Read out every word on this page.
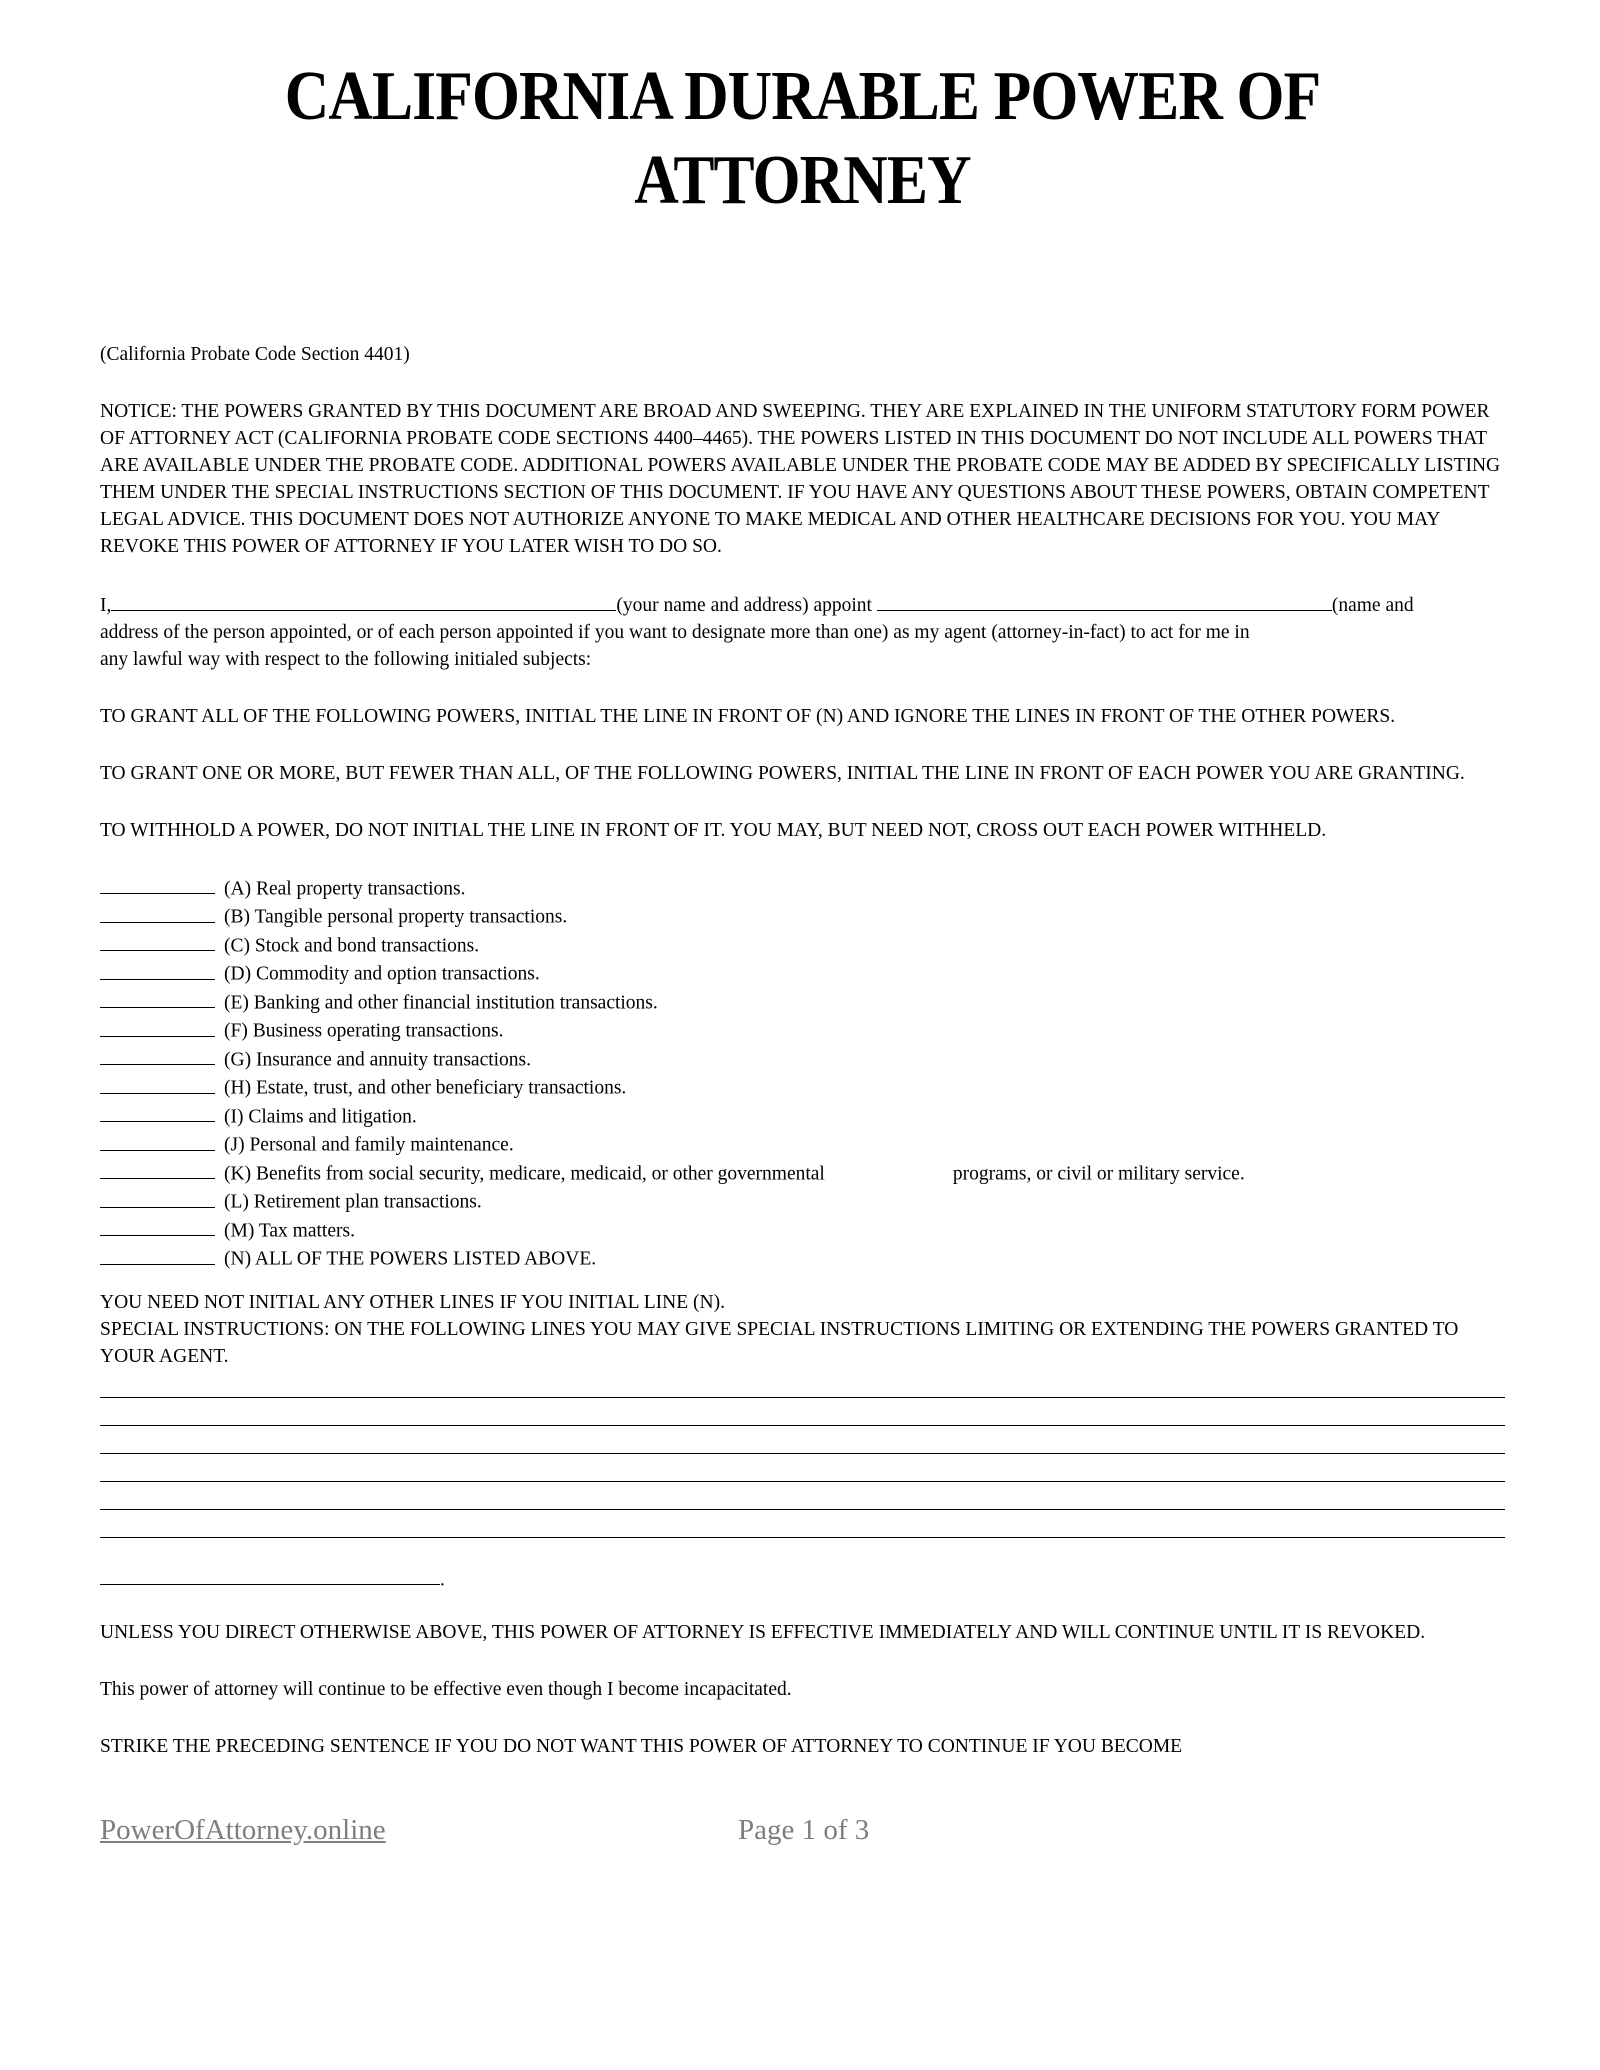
CALIFORNIA DURABLE POWER OF
ATTORNEY

(California Probate Code Section 4401)

NOTICE: THE POWERS GRANTED BY THIS DOCUMENT ARE BROAD AND SWEEPING. THEY ARE EXPLAINED IN THE UNIFORM STATUTORY FORM POWER OF ATTORNEY ACT (CALIFORNIA PROBATE CODE SECTIONS 4400–4465). THE POWERS LISTED IN THIS DOCUMENT DO NOT INCLUDE ALL POWERS THAT ARE AVAILABLE UNDER THE PROBATE CODE. ADDITIONAL POWERS AVAILABLE UNDER THE PROBATE CODE MAY BE ADDED BY SPECIFICALLY LISTING THEM UNDER THE SPECIAL INSTRUCTIONS SECTION OF THIS DOCUMENT. IF YOU HAVE ANY QUESTIONS ABOUT THESE POWERS, OBTAIN COMPETENT LEGAL ADVICE. THIS DOCUMENT DOES NOT AUTHORIZE ANYONE TO MAKE MEDICAL AND OTHER HEALTHCARE DECISIONS FOR YOU. YOU MAY REVOKE THIS POWER OF ATTORNEY IF YOU LATER WISH TO DO SO.

I,	(your name and address) appoint	(name and
address of the person appointed, or of each person appointed if you want to designate more than one) as my agent (attorney-in-fact) to act for me in
any lawful way with respect to the following initialed subjects:

TO GRANT ALL OF THE FOLLOWING POWERS, INITIAL THE LINE IN FRONT OF (N) AND IGNORE THE LINES IN FRONT OF THE OTHER POWERS.

TO GRANT ONE OR MORE, BUT FEWER THAN ALL, OF THE FOLLOWING POWERS, INITIAL THE LINE IN FRONT OF EACH POWER YOU ARE GRANTING.

TO WITHHOLD A POWER, DO NOT INITIAL THE LINE IN FRONT OF IT. YOU MAY, BUT NEED NOT, CROSS OUT EACH POWER WITHHELD.

(A) Real property transactions.
(B) Tangible personal property transactions.
(C) Stock and bond transactions.
(D) Commodity and option transactions.
(E) Banking and other financial institution transactions.
(F) Business operating transactions.
(G) Insurance and annuity transactions.
(H) Estate, trust, and other beneficiary transactions.
(I) Claims and litigation.
(J) Personal and family maintenance.
(K) Benefits from social security, medicare, medicaid, or other governmental	programs, or civil or military service.
(L) Retirement plan transactions.
(M) Tax matters.
(N) ALL OF THE POWERS LISTED ABOVE.

YOU NEED NOT INITIAL ANY OTHER LINES IF YOU INITIAL LINE (N).

SPECIAL INSTRUCTIONS: ON THE FOLLOWING LINES YOU MAY GIVE SPECIAL INSTRUCTIONS LIMITING OR EXTENDING THE POWERS GRANTED TO YOUR AGENT.

.

UNLESS YOU DIRECT OTHERWISE ABOVE, THIS POWER OF ATTORNEY IS EFFECTIVE IMMEDIATELY AND WILL CONTINUE UNTIL IT IS REVOKED.

This power of attorney will continue to be effective even though I become incapacitated.

STRIKE THE PRECEDING SENTENCE IF YOU DO NOT WANT THIS POWER OF ATTORNEY TO CONTINUE IF YOU BECOME

PowerOfAttorney.online	Page 1 of 3
